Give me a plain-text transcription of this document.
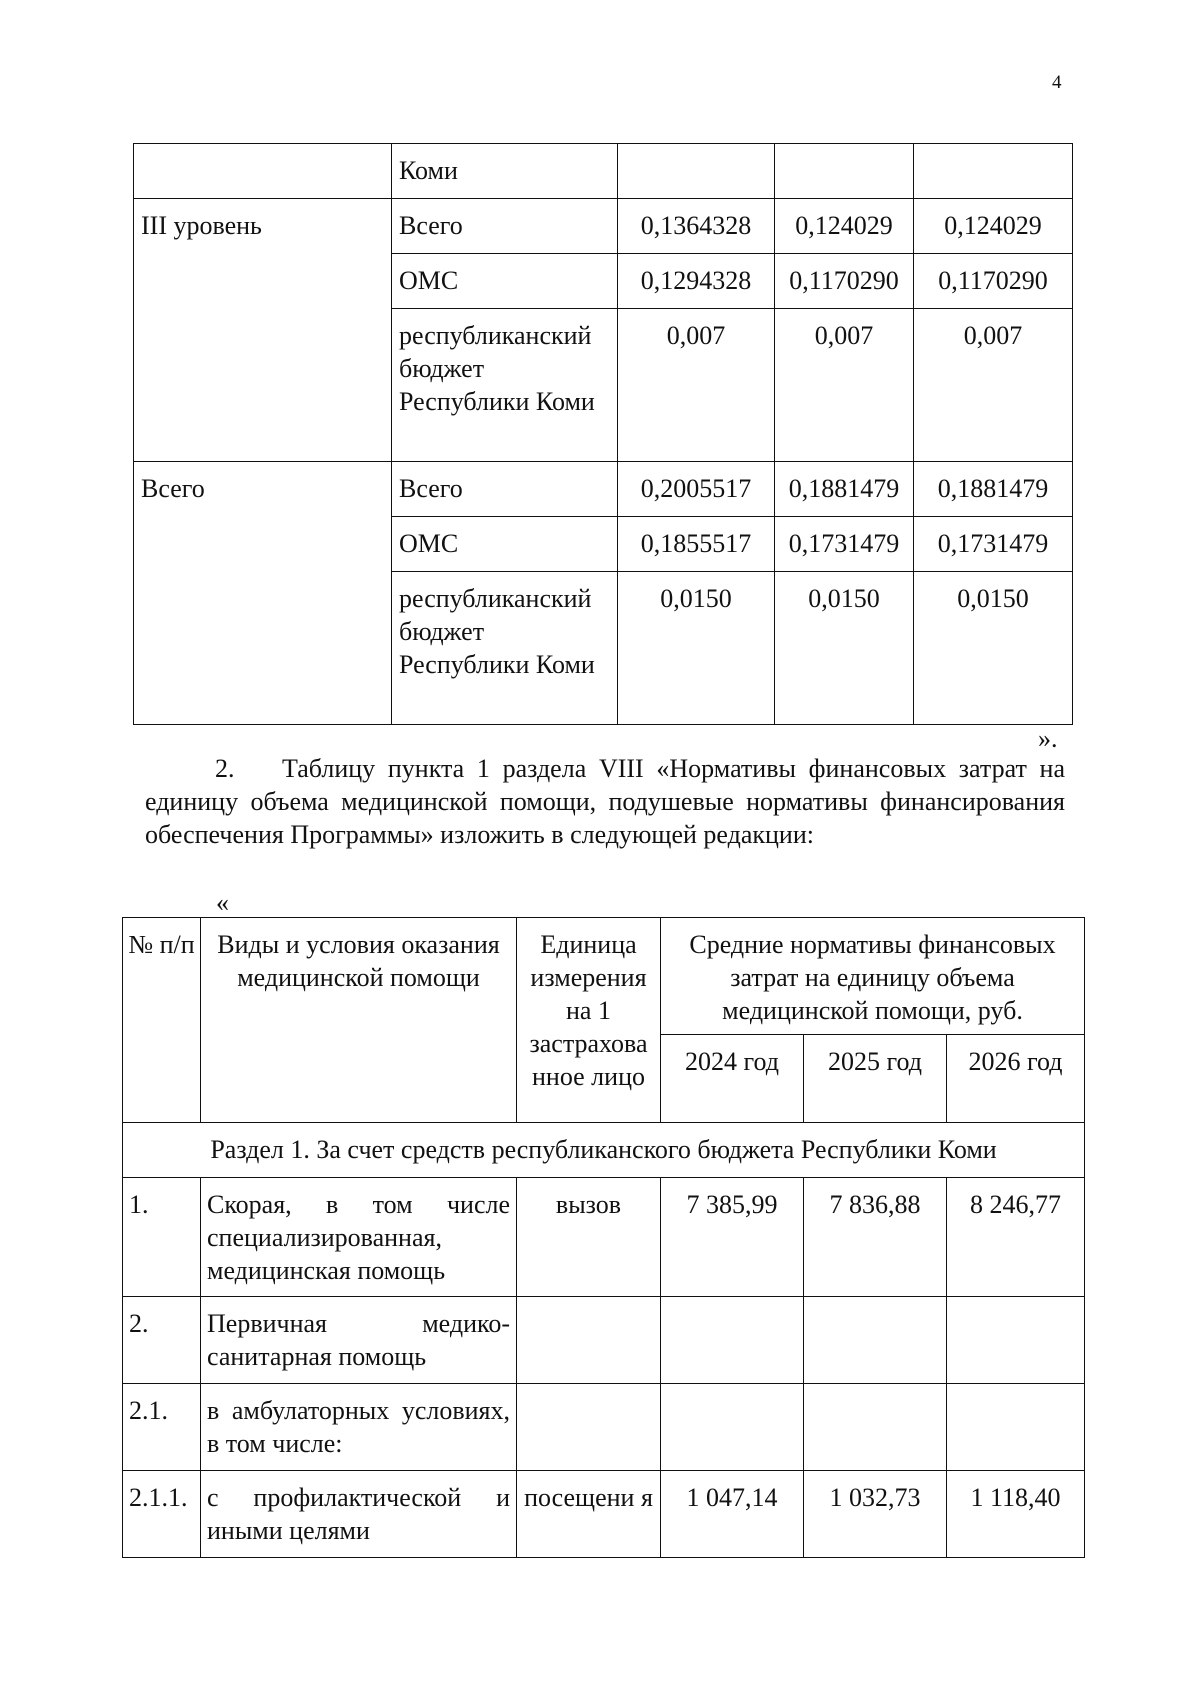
4
	Коми			
III уровень	Всего	0,1364328	0,124029	0,124029
	ОМС	0,1294328	0,1170290	0,1170290
	республиканский бюджет Республики Коми	0,007	0,007	0,007
Всего	Всего	0,2005517	0,1881479	0,1881479
	ОМС	0,1855517	0,1731479	0,1731479
	республиканский бюджет Республики Коми	0,0150	0,0150	0,0150
».
2. Таблицу пункта 1 раздела VIII «Нормативы финансовых затрат на единицу объема медицинской помощи, подушевые нормативы финансирования обеспечения Программы» изложить в следующей редакции:
«
№ п/п	Виды и условия оказания медицинской помощи	Единица измерения на 1 застрахова нное лицо	Средние нормативы финансовых затрат на единицу объема медицинской помощи, руб.		
			2024 год	2025 год	2026 год
Раздел 1. За счет средств республиканского бюджета Республики Коми					
1.	Скорая, в том числе специализированная, медицинская помощь	вызов	7 385,99	7 836,88	8 246,77
2.	Первичная медико-санитарная помощь				
2.1.	в амбулаторных условиях, в том числе:				
2.1.1.	с профилактической и иными целями	посещени я	1 047,14	1 032,73	1 118,40
